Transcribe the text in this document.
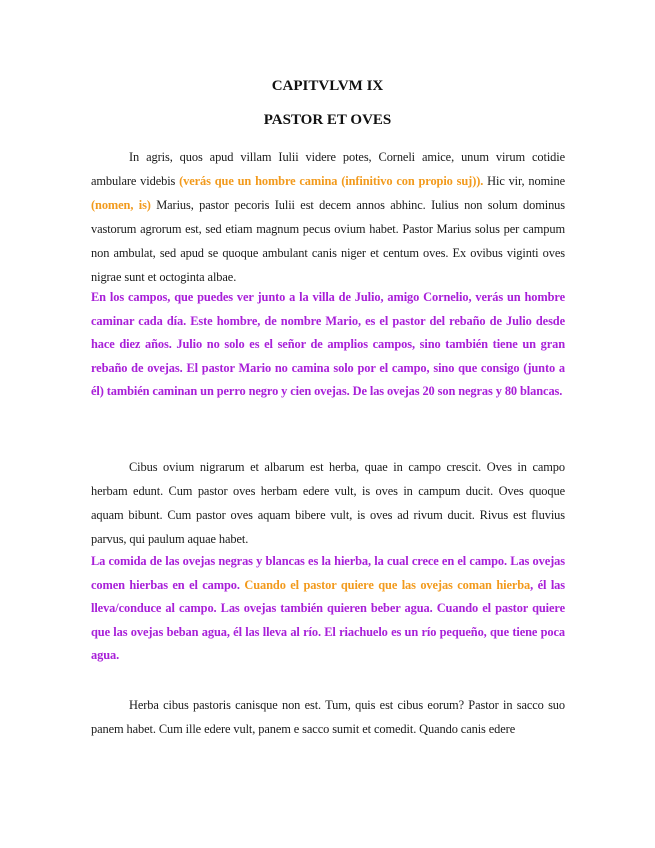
CAPITVLVM IX
PASTOR ET OVES

In agris, quos apud villam Iulii videre potes, Corneli amice, unum virum cotidie ambulare videbis (verás que un hombre camina (infinitivo con propio suj)). Hic vir, nomine (nomen, is) Marius, pastor pecoris Iulii est decem annos abhinc. Iulius non solum dominus vastorum agrorum est, sed etiam magnum pecus ovium habet. Pastor Marius solus per campum non ambulat, sed apud se quoque ambulant canis niger et centum oves. Ex ovibus viginti oves nigrae sunt et octoginta albae.

En los campos, que puedes ver junto a la villa de Julio, amigo Cornelio, verás un hombre caminar cada día. Este hombre, de nombre Mario, es el pastor del rebaño de Julio desde hace diez años. Julio no solo es el señor de amplios campos, sino también tiene un gran rebaño de ovejas. El pastor Mario no camina solo por el campo, sino que consigo (junto a él) también caminan un perro negro y cien ovejas. De las ovejas 20 son negras y 80 blancas.

Cibus ovium nigrarum et albarum est herba, quae in campo crescit. Oves in campo herbam edunt. Cum pastor oves herbam edere vult, is oves in campum ducit. Oves quoque aquam bibunt. Cum pastor oves aquam bibere vult, is oves ad rivum ducit. Rivus est fluvius parvus, qui paulum aquae habet.

La comida de las ovejas negras y blancas es la hierba, la cual crece en el campo. Las ovejas comen hierbas en el campo. Cuando el pastor quiere que las ovejas coman hierba, él las lleva/conduce al campo. Las ovejas también quieren beber agua. Cuando el pastor quiere que las ovejas beban agua, él las lleva al río. El riachuelo es un río pequeño, que tiene poca agua.

Herba cibus pastoris canisque non est. Tum, quis est cibus eorum? Pastor in sacco suo panem habet. Cum ille edere vult, panem e sacco sumit et comedit. Quando canis edere
